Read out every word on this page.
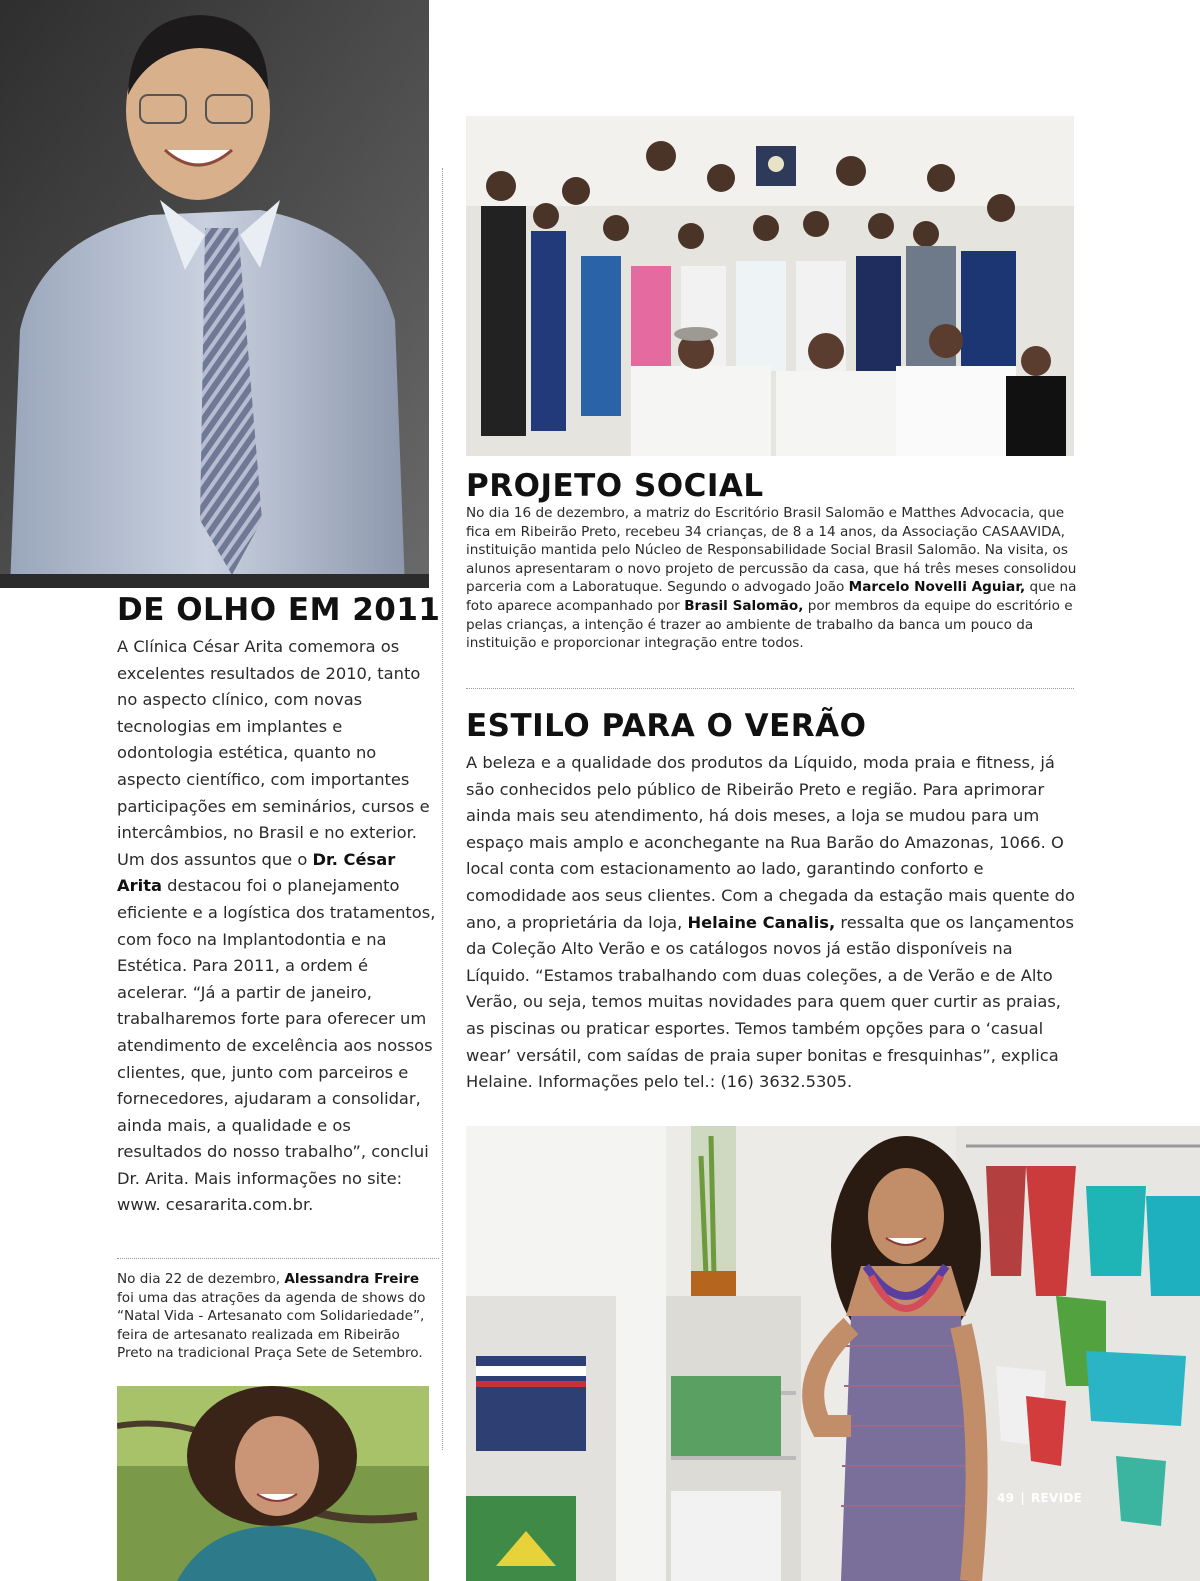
PROJETO SOCIAL

No dia 16 de dezembro, a matriz do Escritório Brasil Salomão e Matthes Advocacia, que fica em Ribeirão Preto, recebeu 34 crianças, de 8 a 14 anos, da Associação CASAAVIDA, instituição mantida pelo Núcleo de Responsabilidade Social Brasil Salomão. Na visita, os alunos apresentaram o novo projeto de percussão da casa, que há três meses consolidou parceria com a Laboratuque. Segundo o advogado João Marcelo Novelli Aguiar, que na foto aparece acompanhado por Brasil Salomão, por membros da equipe do escritório e pelas crianças, a intenção é trazer ao ambiente de trabalho da banca um pouco da instituição e proporcionar integração entre todos.

DE OLHO EM 2011

A Clínica César Arita comemora os excelentes resultados de 2010, tanto no aspecto clínico, com novas tecnologias em implantes e odontologia estética, quanto no aspecto científico, com importantes participações em seminários, cursos e intercâmbios, no Brasil e no exterior. Um dos assuntos que o Dr. César Arita destacou foi o planejamento eficiente e a logística dos tratamentos, com foco na Implantodontia e na Estética. Para 2011, a ordem é acelerar. “Já a partir de janeiro, trabalharemos forte para oferecer um atendimento de excelência aos nossos clientes, que, junto com parceiros e fornecedores, ajudaram a consolidar, ainda mais, a qualidade e os resultados do nosso trabalho”, conclui Dr. Arita. Mais informações no site: www. cesararita.com.br.

ESTILO PARA O VERÃO

A beleza e a qualidade dos produtos da Líquido, moda praia e fitness, já são conhecidos pelo público de Ribeirão Preto e região. Para aprimorar ainda mais seu atendimento, há dois meses, a loja se mudou para um espaço mais amplo e aconchegante na Rua Barão do Amazonas, 1066. O local conta com estacionamento ao lado, garantindo conforto e comodidade aos seus clientes. Com a chegada da estação mais quente do ano, a proprietária da loja, Helaine Canalis, ressalta que os lançamentos da Coleção Alto Verão e os catálogos novos já estão disponíveis na Líquido. “Estamos trabalhando com duas coleções, a de Verão e de Alto Verão, ou seja, temos muitas novidades para quem quer curtir as praias, as piscinas ou praticar esportes. Temos também opções para o ‘casual wear’ versátil, com saídas de praia super bonitas e fresquinhas”, explica Helaine. Informações pelo tel.: (16) 3632.5305.

No dia 22 de dezembro, Alessandra Freire foi uma das atrações da agenda de shows do “Natal Vida - Artesanato com Solidariedade”, feira de artesanato realizada em Ribeirão Preto na tradicional Praça Sete de Setembro.

49 | REVIDE
